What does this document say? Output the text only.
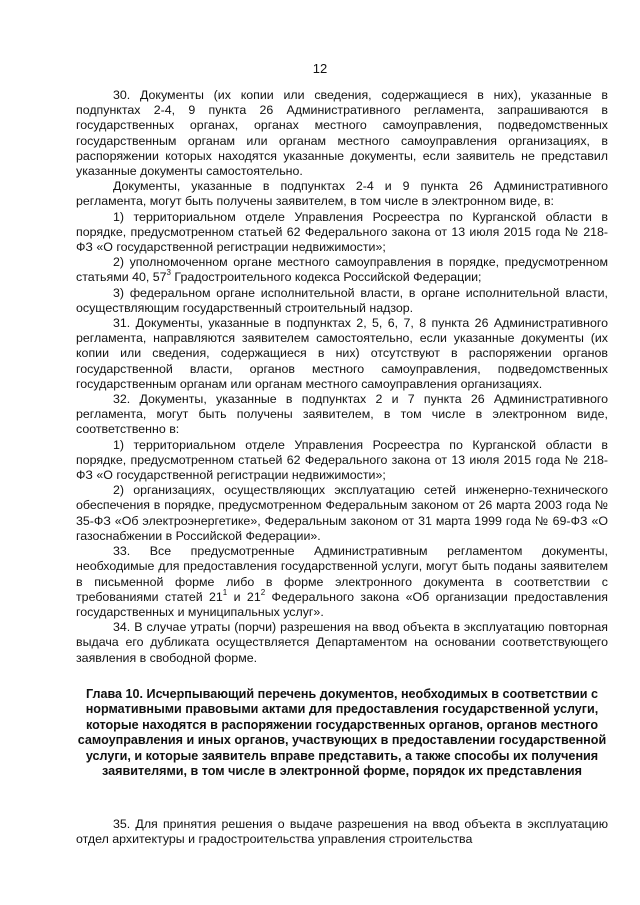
12

30. Документы (их копии или сведения, содержащиеся в них), указанные в подпунктах 2-4, 9 пункта 26 Административного регламента, запрашиваются в государственных органах, органах местного самоуправления, подведомственных государственным органам или органам местного самоуправления организациях, в распоряжении которых находятся указанные документы, если заявитель не представил указанные документы самостоятельно.

Документы, указанные в подпунктах 2-4 и 9 пункта 26 Административного регламента, могут быть получены заявителем, в том числе в электронном виде, в:

1) территориальном отделе Управления Росреестра по Курганской области в порядке, предусмотренном статьей 62 Федерального закона от 13 июля 2015 года № 218-ФЗ «О государственной регистрации недвижимости»;

2) уполномоченном органе местного самоуправления в порядке, предусмотренном статьями 40, $57^3$ Градостроительного кодекса Российской Федерации;

3) федеральном органе исполнительной власти, в органе исполнительной власти, осуществляющим государственный строительный надзор.

31. Документы, указанные в подпунктах 2, 5, 6, 7, 8 пункта 26 Административного регламента, направляются заявителем самостоятельно, если указанные документы (их копии или сведения, содержащиеся в них) отсутствуют в распоряжении органов государственной власти, органов местного самоуправления, подведомственных государственным органам или органам местного самоуправления организациях.

32. Документы, указанные в подпунктах 2 и 7 пункта 26 Административного регламента, могут быть получены заявителем, в том числе в электронном виде, соответственно в:

1) территориальном отделе Управления Росреестра по Курганской области в порядке, предусмотренном статьей 62 Федерального закона от 13 июля 2015 года № 218-ФЗ «О государственной регистрации недвижимости»;

2) организациях, осуществляющих эксплуатацию сетей инженерно-технического обеспечения в порядке, предусмотренном Федеральным законом от 26 марта 2003 года № 35-ФЗ «Об электроэнергетике», Федеральным законом от 31 марта 1999 года № 69-ФЗ «О газоснабжении в Российской Федерации».

33. Все предусмотренные Административным регламентом документы, необходимые для предоставления государственной услуги, могут быть поданы заявителем в письменной форме либо в форме электронного документа в соответствии с требованиями статей $21^1$ и $21^2$ Федерального закона «Об организации предоставления государственных и муниципальных услуг».

34. В случае утраты (порчи) разрешения на ввод объекта в эксплуатацию повторная выдача его дубликата осуществляется Департаментом на основании соответствующего заявления в свободной форме.

Глава 10. Исчерпывающий перечень документов, необходимых в соответствии с нормативными правовыми актами для предоставления государственной услуги, которые находятся в распоряжении государственных органов, органов местного самоуправления и иных органов, участвующих в предоставлении государственной услуги, и которые заявитель вправе представить, а также способы их получения заявителями, в том числе в электронной форме, порядок их представления

35. Для принятия решения о выдаче разрешения на ввод объекта в эксплуатацию отдел архитектуры и градостроительства управления строительства
